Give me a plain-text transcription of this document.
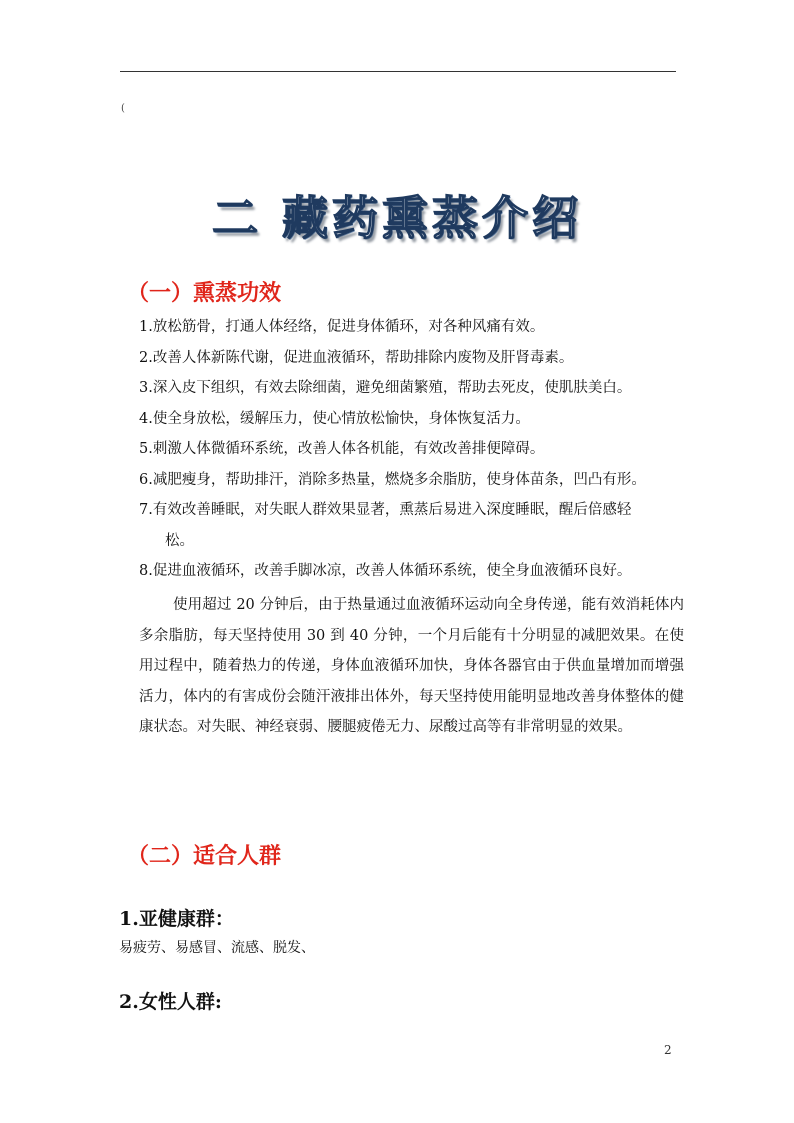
(
二 藏药熏蒸介绍
（一）熏蒸功效
1.放松筋骨，打通人体经络，促进身体循环，对各种风痛有效。
2.改善人体新陈代谢，促进血液循环，帮助排除内废物及肝肾毒素。
3.深入皮下组织，有效去除细菌，避免细菌繁殖，帮助去死皮，使肌肤美白。
4.使全身放松，缓解压力，使心情放松愉快，身体恢复活力。
5.刺激人体微循环系统，改善人体各机能，有效改善排便障碍。
6.减肥瘦身，帮助排汗，消除多热量，燃烧多余脂肪，使身体苗条，凹凸有形。
7.有效改善睡眠，对失眠人群效果显著，熏蒸后易进入深度睡眠，醒后倍感轻
松。
8.促进血液循环，改善手脚冰凉，改善人体循环系统，使全身血液循环良好。

使用超过 20 分钟后，由于热量通过血液循环运动向全身传递，能有效消耗体内多余脂肪，每天坚持使用 30 到 40 分钟，一个月后能有十分明显的减肥效果。在使用过程中，随着热力的传递，身体血液循环加快，身体各器官由于供血量增加而增强活力，体内的有害成份会随汗液排出体外，每天坚持使用能明显地改善身体整体的健康状态。对失眠、神经衰弱、腰腿疲倦无力、尿酸过高等有非常明显的效果。

（二）适合人群
1.亚健康群：
易疲劳、易感冒、流感、脱发、
2.女性人群:
2
